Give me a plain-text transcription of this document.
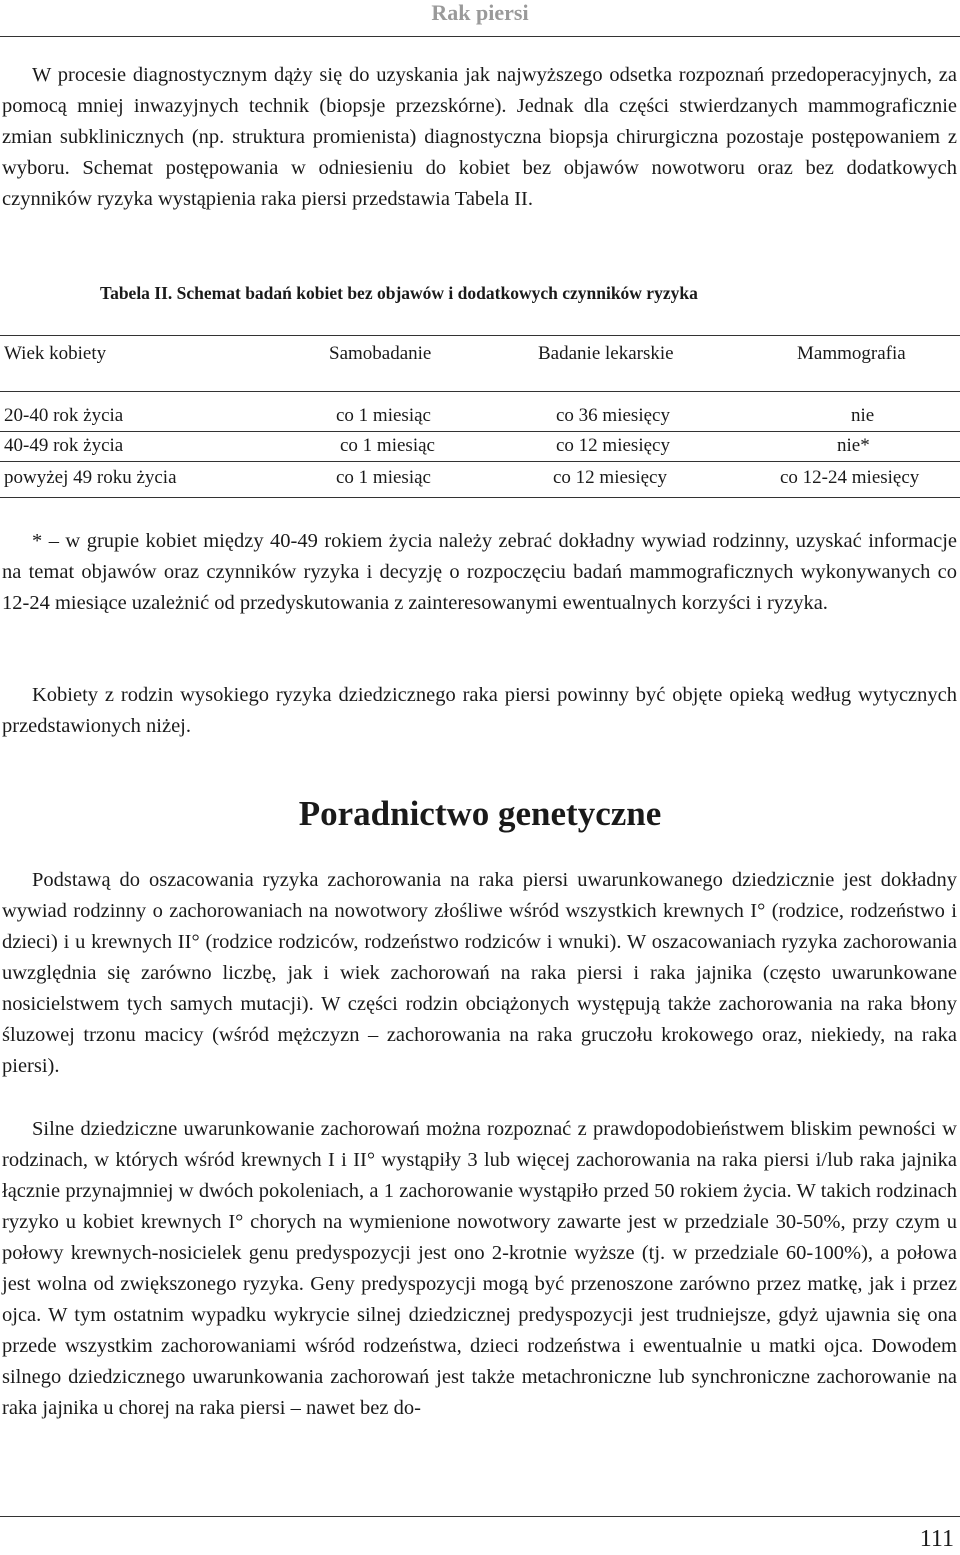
Rak piersi

W procesie diagnostycznym dąży się do uzyskania jak najwyższego odsetka rozpoznań przedoperacyjnych, za pomocą mniej inwazyjnych technik (biopsje przezskórne). Jednak dla części stwierdzanych mammograficznie zmian subklinicznych (np. struktura promienista) diagnostyczna biopsja chirurgiczna pozostaje postępowaniem z wyboru. Schemat postępowania w odniesieniu do kobiet bez objawów nowotworu oraz bez dodatkowych czynników ryzyka wystąpienia raka piersi przedstawia Tabela II.

Tabela II. Schemat badań kobiet bez objawów i dodatkowych czynników ryzyka
Wiek kobiety	Samobadanie	Badanie lekarskie	Mammografia
20-40 rok życia	co 1 miesiąc	co 36 miesięcy	nie
40-49 rok życia	co 1 miesiąc	co 12 miesięcy	nie*
powyżej 49 roku życia	co 1 miesiąc	co 12 miesięcy	co 12-24 miesięcy

* – w grupie kobiet między 40-49 rokiem życia należy zebrać dokładny wywiad rodzinny, uzyskać informacje na temat objawów oraz czynników ryzyka i decyzję o rozpoczęciu badań mammograficznych wykonywanych co 12-24 miesiące uzależnić od przedyskutowania z zainteresowanymi ewentualnych korzyści i ryzyka.

Kobiety z rodzin wysokiego ryzyka dziedzicznego raka piersi powinny być objęte opieką według wytycznych przedstawionych niżej.

Poradnictwo genetyczne

Podstawą do oszacowania ryzyka zachorowania na raka piersi uwarunkowanego dziedzicznie jest dokładny wywiad rodzinny o zachorowaniach na nowotwory złośliwe wśród wszystkich krewnych I° (rodzice, rodzeństwo i dzieci) i u krewnych II° (rodzice rodziców, rodzeństwo rodziców i wnuki). W oszacowaniach ryzyka zachorowania uwzględnia się zarówno liczbę, jak i wiek zachorowań na raka piersi i raka jajnika (często uwarunkowane nosicielstwem tych samych mutacji). W części rodzin obciążonych występują także zachorowania na raka błony śluzowej trzonu macicy (wśród mężczyzn – zachorowania na raka gruczołu krokowego oraz, niekiedy, na raka piersi).

Silne dziedziczne uwarunkowanie zachorowań można rozpoznać z prawdopodobieństwem bliskim pewności w rodzinach, w których wśród krewnych I i II° wystąpiły 3 lub więcej zachorowania na raka piersi i/lub raka jajnika łącznie przynajmniej w dwóch pokoleniach, a 1 zachorowanie wystąpiło przed 50 rokiem życia. W takich rodzinach ryzyko u kobiet krewnych I° chorych na wymienione nowotwory zawarte jest w przedziale 30-50%, przy czym u połowy krewnych-nosicielek genu predyspozycji jest ono 2-krotnie wyższe (tj. w przedziale 60-100%), a połowa jest wolna od zwiększonego ryzyka. Geny predyspozycji mogą być przenoszone zarówno przez matkę, jak i przez ojca. W tym ostatnim wypadku wykrycie silnej dziedzicznej predyspozycji jest trudniejsze, gdyż ujawnia się ona przede wszystkim zachorowaniami wśród rodzeństwa, dzieci rodzeństwa i ewentualnie u matki ojca. Dowodem silnego dziedzicznego uwarunkowania zachorowań jest także metachroniczne lub synchroniczne zachorowanie na raka jajnika u chorej na raka piersi – nawet bez do-

111
